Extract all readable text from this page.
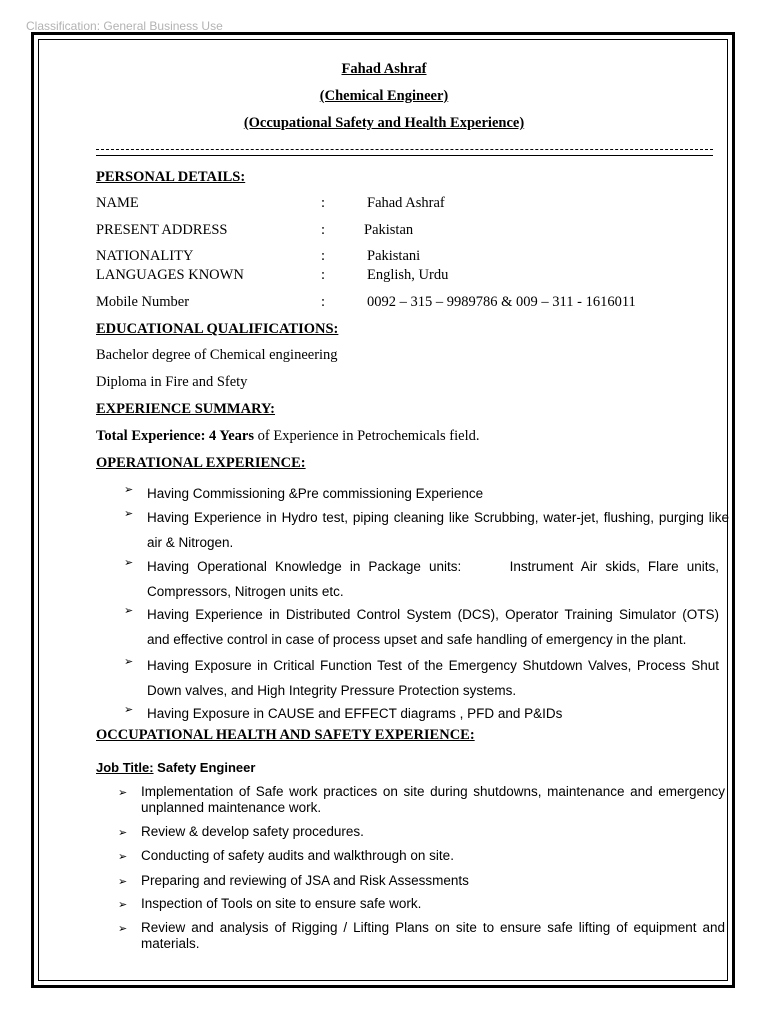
Classification: General Business Use
Fahad Ashraf
(Chemical Engineer)
(Occupational Safety and Health Experience)
PERSONAL DETAILS:
NAME	:	Fahad Ashraf
PRESENT ADDRESS	:	Pakistan
NATIONALITY	:	Pakistani
LANGUAGES KNOWN	:	English, Urdu
Mobile Number	:	0092 – 315 – 9989786 & 009 – 311 - 1616011
EDUCATIONAL QUALIFICATIONS:
Bachelor degree of Chemical engineering
Diploma in Fire and Sfety
EXPERIENCE SUMMARY:
Total Experience: 4 Years of Experience in Petrochemicals field.
OPERATIONAL EXPERIENCE:
➢ Having Commissioning &Pre commissioning Experience
➢ Having Experience in Hydro test, piping cleaning like Scrubbing, water-jet, flushing, purging like air & Nitrogen.
➢ Having Operational Knowledge in Package units:      Instrument Air skids, Flare units, Compressors, Nitrogen units etc.
➢ Having Experience in Distributed Control System (DCS), Operator Training Simulator (OTS) and effective control in case of process upset and safe handling of emergency in the plant.
➢ Having Exposure in Critical Function Test of the Emergency Shutdown Valves, Process Shut Down valves, and High Integrity Pressure Protection systems.
➢ Having Exposure in CAUSE and EFFECT diagrams , PFD and P&IDs
OCCUPATIONAL HEALTH AND SAFETY EXPERIENCE:
Job Title: Safety Engineer
➢ Implementation of Safe work practices on site during shutdowns, maintenance and emergency unplanned maintenance work.
➢ Review & develop safety procedures.
➢ Conducting of safety audits and walkthrough on site.
➢ Preparing and reviewing of JSA and Risk Assessments
➢ Inspection of Tools on site to ensure safe work.
➢ Review and analysis of Rigging / Lifting Plans on site to ensure safe lifting of equipment and materials.
